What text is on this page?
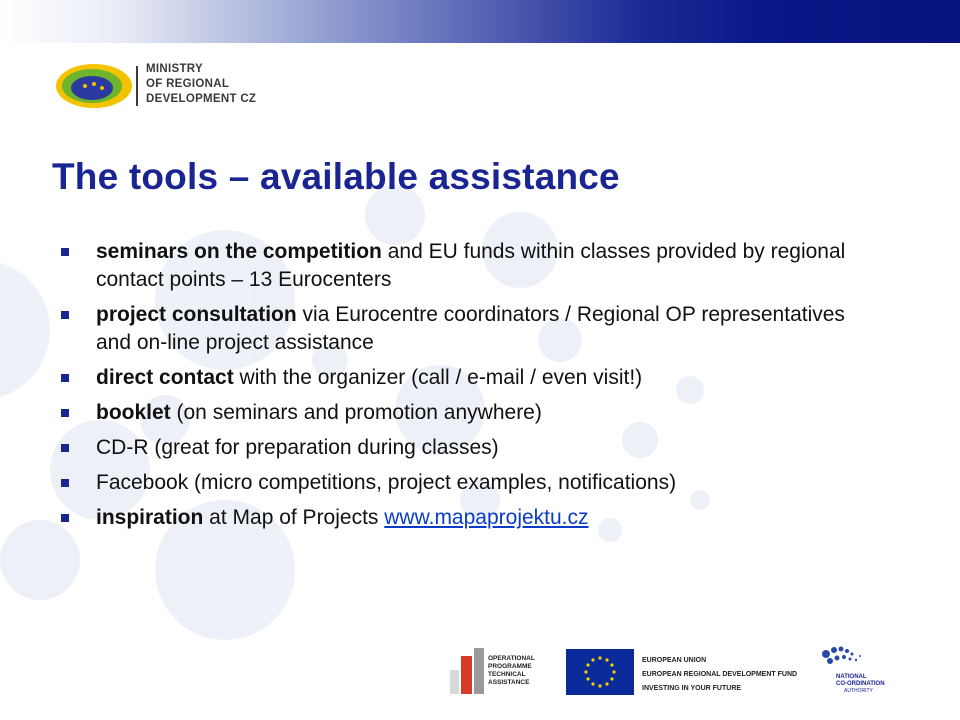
MINISTRY
OF REGIONAL
DEVELOPMENT CZ
The tools – available assistance
seminars on the competition and EU funds within classes provided by regional contact points – 13 Eurocenters
project consultation via Eurocentre coordinators / Regional OP representatives and on-line project assistance
direct contact with the organizer (call / e-mail / even visit!)
booklet (on seminars and promotion anywhere)
CD-R (great for preparation during classes)
Facebook (micro competitions, project examples, notifications)
inspiration at Map of Projects www.mapaprojektu.cz
OPERATIONAL
PROGRAMME
TECHNICAL
ASSISTANCE
EUROPEAN UNION
EUROPEAN REGIONAL DEVELOPMENT FUND
INVESTING IN YOUR FUTURE
NATIONAL
CO-ORDINATION
AUTHORITY
